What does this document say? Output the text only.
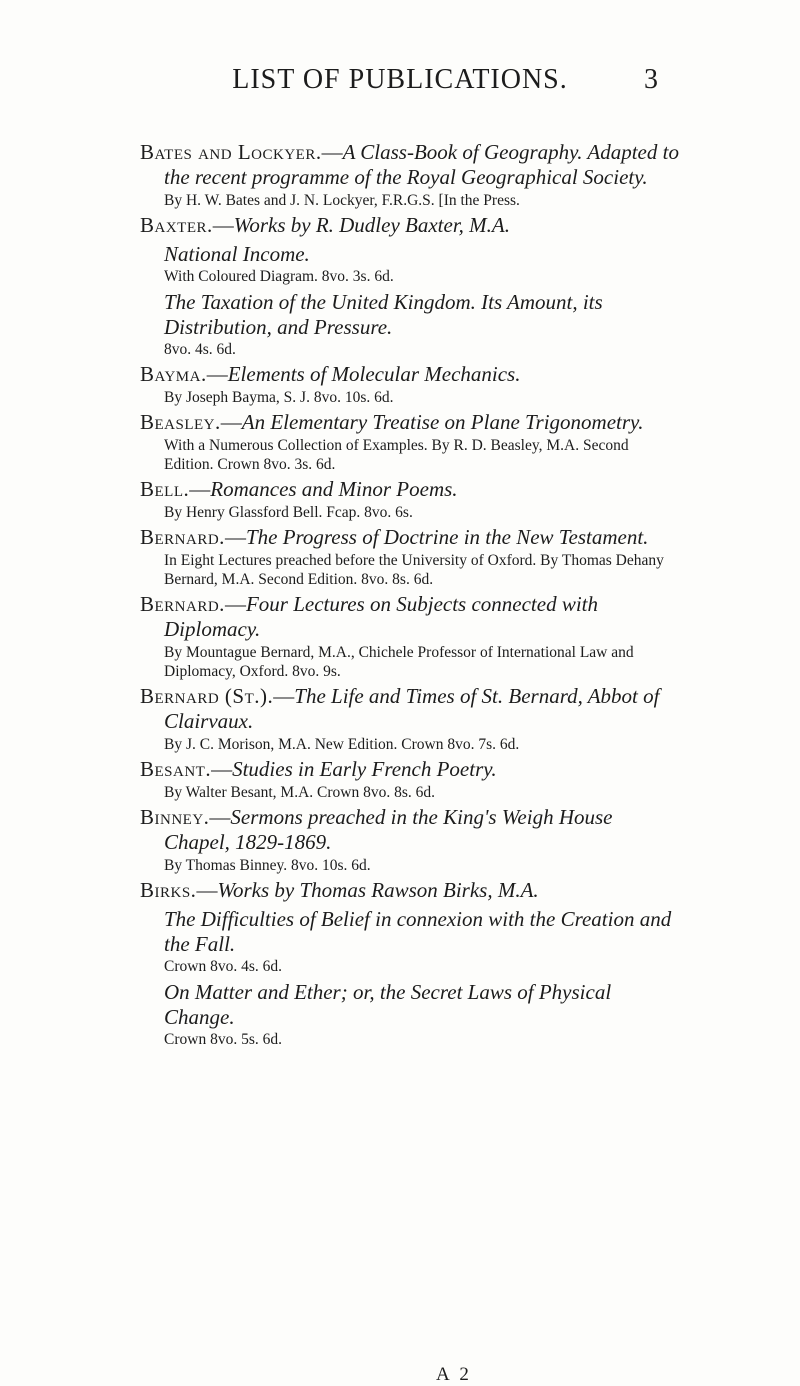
LIST OF PUBLICATIONS.	3
Bates and Lockyer.—A Class-Book of Geography. Adapted to the recent programme of the Royal Geographical Society.
By H. W. Bates and J. N. Lockyer, F.R.G.S. [In the Press.
Baxter.—Works by R. Dudley Baxter, M.A.
National Income.
With Coloured Diagram. 8vo. 3s. 6d.
The Taxation of the United Kingdom. Its Amount, its Distribution, and Pressure.
8vo. 4s. 6d.
Bayma.—Elements of Molecular Mechanics.
By Joseph Bayma, S. J. 8vo. 10s. 6d.
Beasley.—An Elementary Treatise on Plane Trigonometry.
With a Numerous Collection of Examples. By R. D. Beasley, M.A. Second Edition. Crown 8vo. 3s. 6d.
Bell.—Romances and Minor Poems.
By Henry Glassford Bell. Fcap. 8vo. 6s.
Bernard.—The Progress of Doctrine in the New Testament.
In Eight Lectures preached before the University of Oxford. By Thomas Dehany Bernard, M.A. Second Edition. 8vo. 8s. 6d.
Bernard.—Four Lectures on Subjects connected with Diplomacy.
By Mountague Bernard, M.A., Chichele Professor of International Law and Diplomacy, Oxford. 8vo. 9s.
Bernard (St.).—The Life and Times of St. Bernard, Abbot of Clairvaux.
By J. C. Morison, M.A. New Edition. Crown 8vo. 7s. 6d.
Besant.—Studies in Early French Poetry.
By Walter Besant, M.A. Crown 8vo. 8s. 6d.
Binney.—Sermons preached in the King's Weigh House Chapel, 1829-1869.
By Thomas Binney. 8vo. 10s. 6d.
Birks.—Works by Thomas Rawson Birks, M.A.
The Difficulties of Belief in connexion with the Creation and the Fall.
Crown 8vo. 4s. 6d.
On Matter and Ether; or, the Secret Laws of Physical Change.
Crown 8vo. 5s. 6d.
A 2
